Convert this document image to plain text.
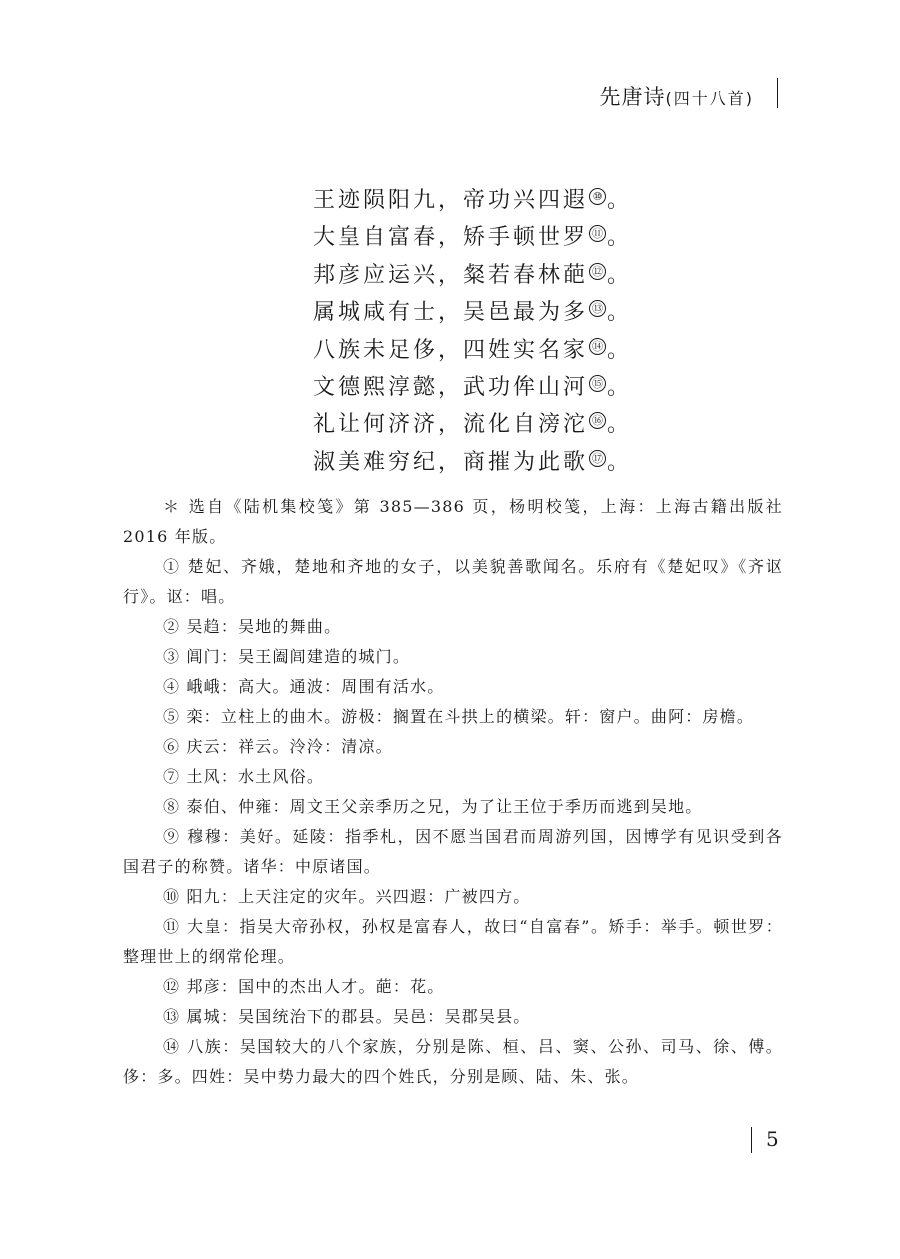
先唐诗(四十八首)
王迹陨阳九，帝功兴四遐 ⑩ 。
大皇自富春，矫手顿世罗 ⑪ 。
邦彦应运兴，粲若春林葩 ⑫ 。
属城咸有士，吴邑最为多 ⑬ 。
八族未足侈，四姓实名家 ⑭ 。
文德熙淳懿，武功侔山河 ⑮ 。
礼让何济济，流化自滂沱 ⑯ 。
淑美难穷纪，商摧为此歌 ⑰ 。

＊ 选自《陆机集校笺》第 385—386 页，杨明校笺，上海：上海古籍出版社 2016 年版。

① 楚妃、齐娥，楚地和齐地的女子，以美貌善歌闻名。乐府有《楚妃叹》《齐讴行》。讴：唱。

② 吴趋：吴地的舞曲。

③ 阊门：吴王阖闾建造的城门。

④ 峨峨：高大。通波：周围有活水。

⑤ 栾：立柱上的曲木。游极：搁置在斗拱上的横梁。轩：窗户。曲阿：房檐。

⑥ 庆云：祥云。泠泠：清凉。

⑦ 土风：水土风俗。

⑧ 泰伯、仲雍：周文王父亲季历之兄，为了让王位于季历而逃到吴地。

⑨ 穆穆：美好。延陵：指季札，因不愿当国君而周游列国，因博学有见识受到各国君子的称赞。诸华：中原诸国。

⑩ 阳九：上天注定的灾年。兴四遐：广被四方。

⑪ 大皇：指吴大帝孙权，孙权是富春人，故曰“自富春”。矫手：举手。顿世罗：整理世上的纲常伦理。

⑫ 邦彦：国中的杰出人才。葩：花。

⑬ 属城：吴国统治下的郡县。吴邑：吴郡吴县。

⑭ 八族：吴国较大的八个家族，分别是陈、桓、吕、窦、公孙、司马、徐、傅。侈：多。四姓：吴中势力最大的四个姓氏，分别是顾、陆、朱、张。

5
